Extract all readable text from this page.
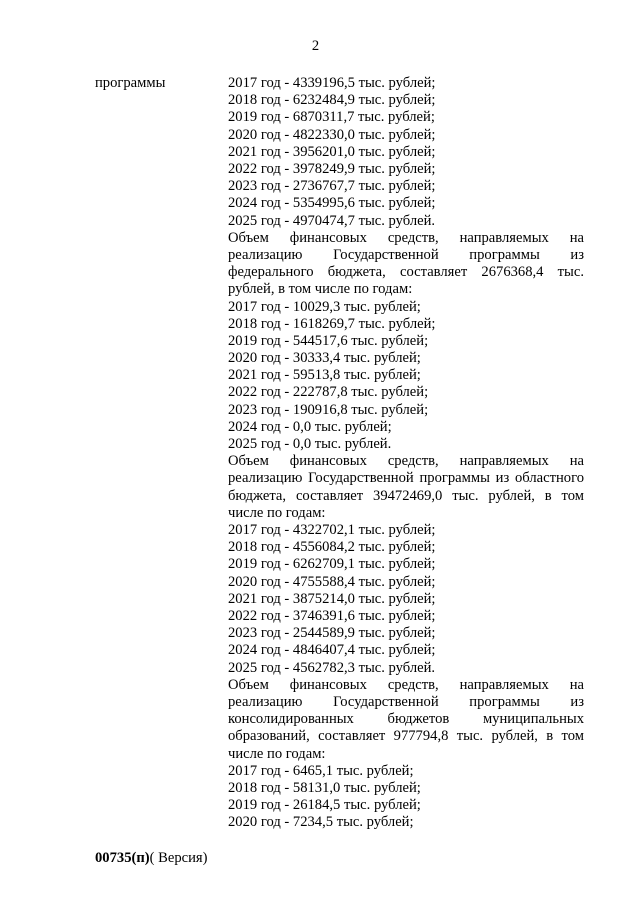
2
программы	2017 год - 4339196,5 тыс. рублей;
2018 год - 6232484,9 тыс. рублей;
2019 год - 6870311,7 тыс. рублей;
2020 год - 4822330,0 тыс. рублей;
2021 год - 3956201,0 тыс. рублей;
2022 год - 3978249,9 тыс. рублей;
2023 год - 2736767,7 тыс. рублей;
2024 год - 5354995,6 тыс. рублей;
2025 год - 4970474,7 тыс. рублей.
Объем финансовых средств, направляемых на реализацию Государственной программы из федерального бюджета, составляет 2676368,4 тыс. рублей, в том числе по годам:
2017 год - 10029,3 тыс. рублей;
2018 год - 1618269,7 тыс. рублей;
2019 год - 544517,6 тыс. рублей;
2020 год - 30333,4 тыс. рублей;
2021 год - 59513,8 тыс. рублей;
2022 год - 222787,8 тыс. рублей;
2023 год - 190916,8 тыс. рублей;
2024 год - 0,0 тыс. рублей;
2025 год - 0,0 тыс. рублей.
Объем финансовых средств, направляемых на реализацию Государственной программы из областного бюджета, составляет 39472469,0 тыс. рублей, в том числе по годам:
2017 год - 4322702,1 тыс. рублей;
2018 год - 4556084,2 тыс. рублей;
2019 год - 6262709,1 тыс. рублей;
2020 год - 4755588,4 тыс. рублей;
2021 год - 3875214,0 тыс. рублей;
2022 год - 3746391,6 тыс. рублей;
2023 год - 2544589,9 тыс. рублей;
2024 год - 4846407,4 тыс. рублей;
2025 год - 4562782,3 тыс. рублей.
Объем финансовых средств, направляемых на реализацию Государственной программы из консолидированных бюджетов муниципальных образований, составляет 977794,8 тыс. рублей, в том числе по годам:
2017 год - 6465,1 тыс. рублей;
2018 год - 58131,0 тыс. рублей;
2019 год - 26184,5 тыс. рублей;
2020 год - 7234,5 тыс. рублей;
00735(п)( Версия)
